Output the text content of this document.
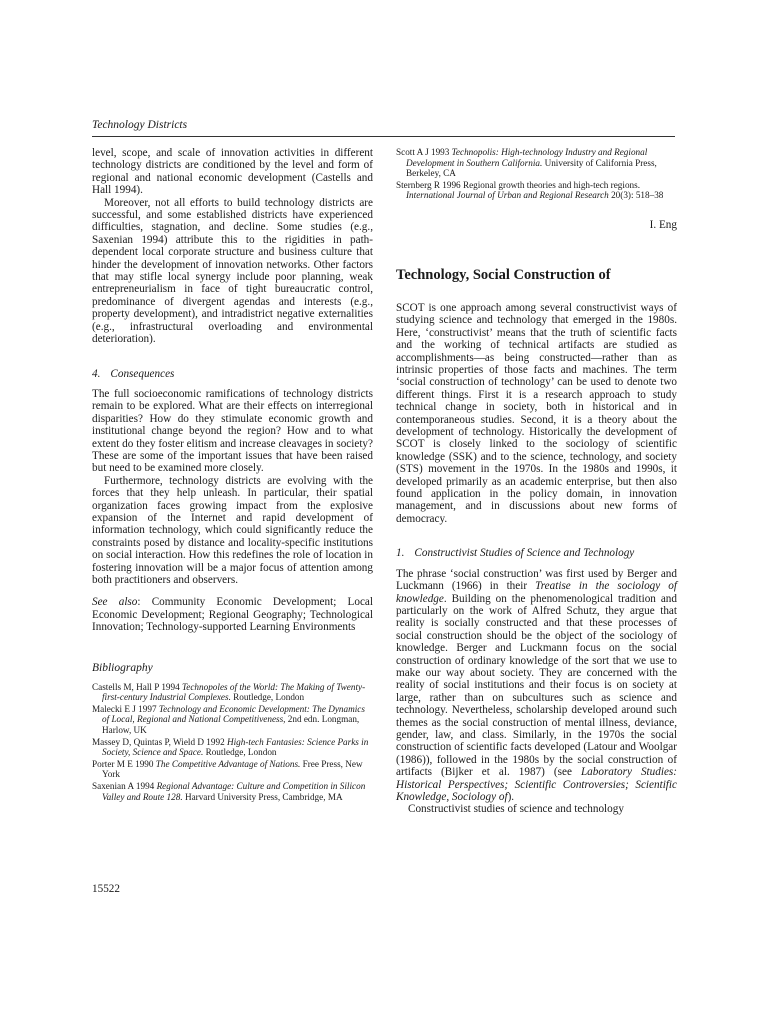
Technology Districts

level, scope, and scale of innovation activities in different technology districts are conditioned by the level and form of regional and national economic development (Castells and Hall 1994).

Moreover, not all efforts to build technology districts are successful, and some established districts have experienced difficulties, stagnation, and decline. Some studies (e.g., Saxenian 1994) attribute this to the rigidities in path-dependent local corporate structure and business culture that hinder the development of innovation networks. Other factors that may stifle local synergy include poor planning, weak entrepreneurialism in face of tight bureaucratic control, predominance of divergent agendas and interests (e.g., property development), and intradistrict negative externalities (e.g., infrastructural overloading and environmental deterioration).

4. Consequences

The full socioeconomic ramifications of technology districts remain to be explored. What are their effects on interregional disparities? How do they stimulate economic growth and institutional change beyond the region? How and to what extent do they foster elitism and increase cleavages in society? These are some of the important issues that have been raised but need to be examined more closely.

Furthermore, technology districts are evolving with the forces that they help unleash. In particular, their spatial organization faces growing impact from the explosive expansion of the Internet and rapid development of information technology, which could significantly reduce the constraints posed by distance and locality-specific institutions on social interaction. How this redefines the role of location in fostering innovation will be a major focus of attention among both practitioners and observers.

See also: Community Economic Development; Local Economic Development; Regional Geography; Technological Innovation; Technology-supported Learning Environments

Bibliography
Castells M, Hall P 1994 Technopoles of the World: The Making of Twenty-first-century Industrial Complexes. Routledge, London
Malecki E J 1997 Technology and Economic Development: The Dynamics of Local, Regional and National Competitiveness, 2nd edn. Longman, Harlow, UK
Massey D, Quintas P, Wield D 1992 High-tech Fantasies: Science Parks in Society, Science and Space. Routledge, London
Porter M E 1990 The Competitive Advantage of Nations. Free Press, New York
Saxenian A 1994 Regional Advantage: Culture and Competition in Silicon Valley and Route 128. Harvard University Press, Cambridge, MA
Scott A J 1993 Technopolis: High-technology Industry and Regional Development in Southern California. University of California Press, Berkeley, CA
Sternberg R 1996 Regional growth theories and high-tech regions. International Journal of Urban and Regional Research 20(3): 518–38
I. Eng
Technology, Social Construction of

SCOT is one approach among several constructivist ways of studying science and technology that emerged in the 1980s. Here, ‘constructivist’ means that the truth of scientific facts and the working of technical artifacts are studied as accomplishments—as being constructed—rather than as intrinsic properties of those facts and machines. The term ‘social construction of technology’ can be used to denote two different things. First it is a research approach to study technical change in society, both in historical and in contemporaneous studies. Second, it is a theory about the development of technology. Historically the development of SCOT is closely linked to the sociology of scientific knowledge (SSK) and to the science, technology, and society (STS) movement in the 1970s. In the 1980s and 1990s, it developed primarily as an academic enterprise, but then also found application in the policy domain, in innovation management, and in discussions about new forms of democracy.

1. Constructivist Studies of Science and Technology

The phrase ‘social construction’ was first used by Berger and Luckmann (1966) in their Treatise in the sociology of knowledge. Building on the phenomenological tradition and particularly on the work of Alfred Schutz, they argue that reality is socially constructed and that these processes of social construction should be the object of the sociology of knowledge. Berger and Luckmann focus on the social construction of ordinary knowledge of the sort that we use to make our way about society. They are concerned with the reality of social institutions and their focus is on society at large, rather than on subcultures such as science and technology. Nevertheless, scholarship developed around such themes as the social construction of mental illness, deviance, gender, law, and class. Similarly, in the 1970s the social construction of scientific facts developed (Latour and Woolgar (1986)), followed in the 1980s by the social construction of artifacts (Bijker et al. 1987) (see Laboratory Studies: Historical Perspectives; Scientific Controversies; Scientific Knowledge, Sociology of).

Constructivist studies of science and technology

15522
